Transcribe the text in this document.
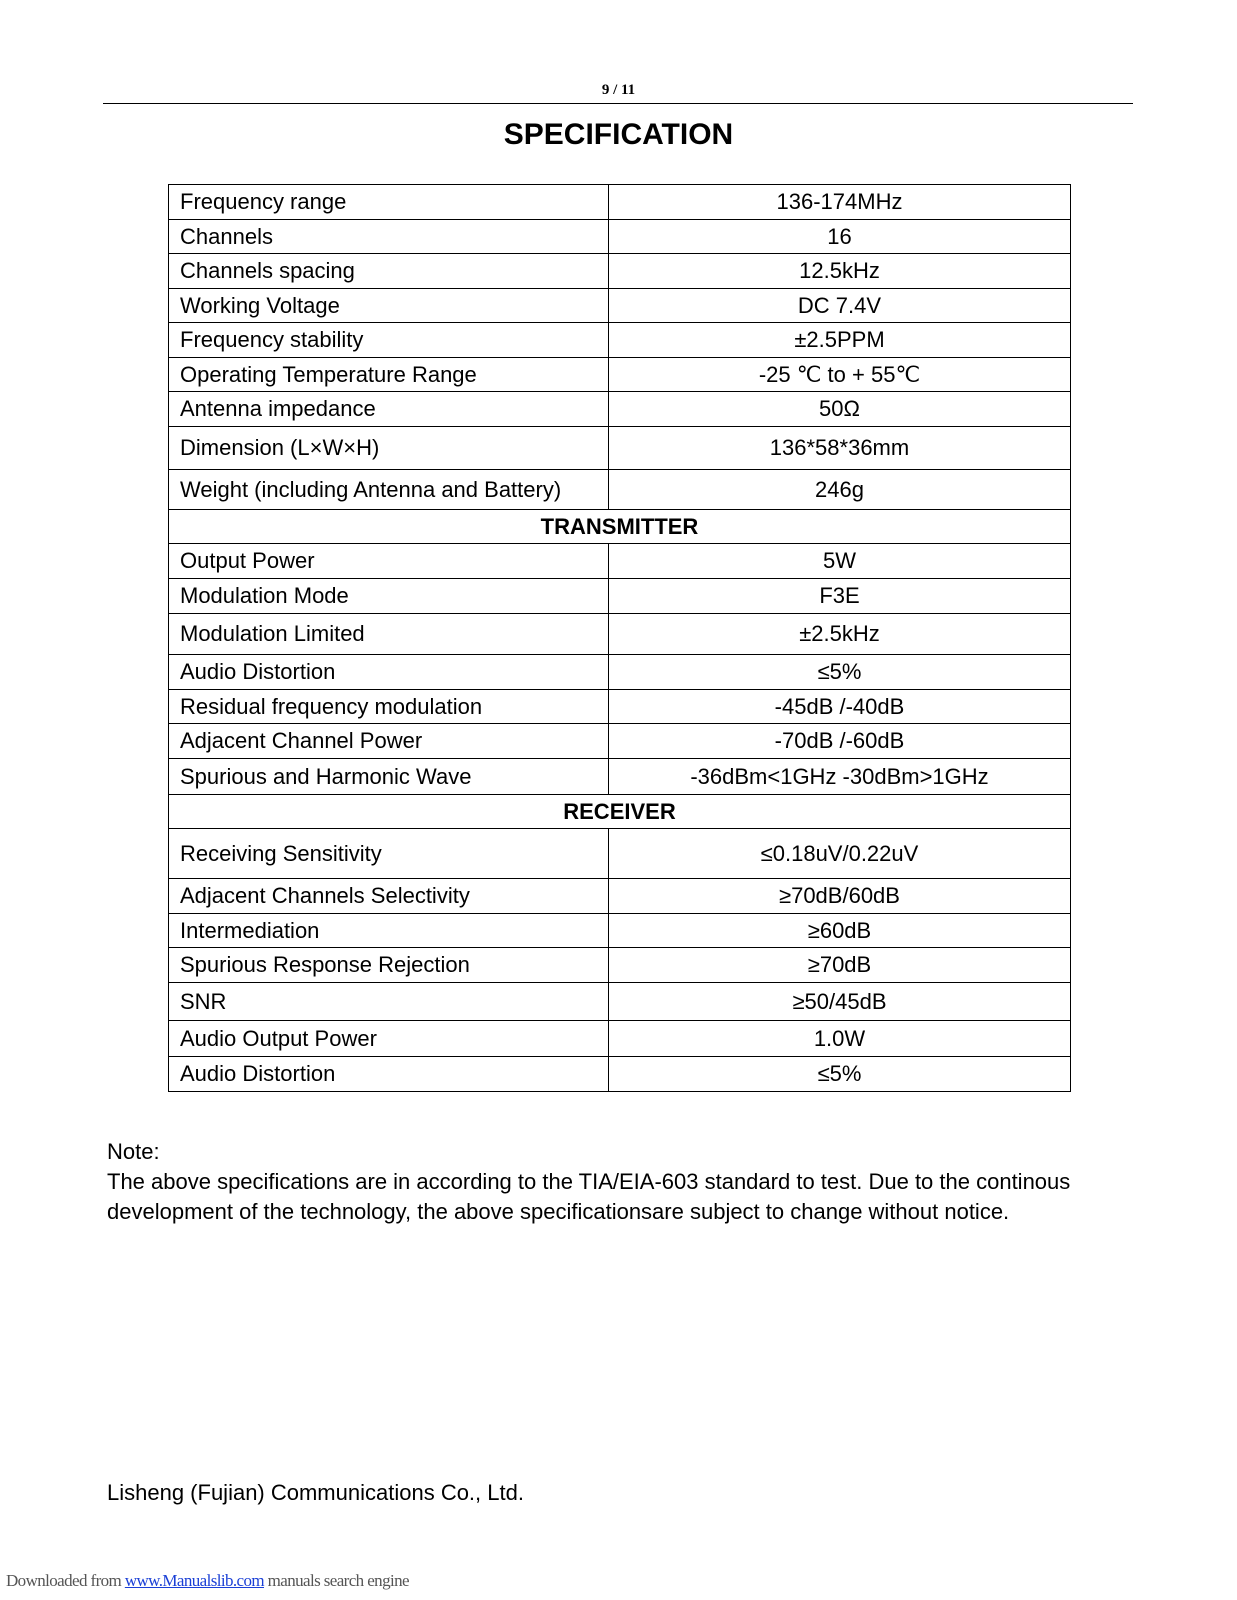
9 / 11
SPECIFICATION
Frequency range	136-174MHz
Channels	16
Channels spacing	12.5kHz
Working Voltage	DC 7.4V
Frequency stability	±2.5PPM
Operating Temperature Range	-25 ℃ to + 55℃
Antenna impedance	50Ω
Dimension (L×W×H)	136*58*36mm
Weight (including Antenna and Battery)	246g
TRANSMITTER	
Output Power	5W
Modulation Mode	F3E
Modulation Limited	±2.5kHz
Audio Distortion	≤5%
Residual frequency modulation	-45dB /-40dB
Adjacent Channel Power	-70dB /-60dB
Spurious and Harmonic Wave	-36dBm<1GHz -30dBm>1GHz
RECEIVER	
Receiving Sensitivity	≤0.18uV/0.22uV
Adjacent Channels Selectivity	≥70dB/60dB
Intermediation	≥60dB
Spurious Response Rejection	≥70dB
SNR	≥50/45dB
Audio Output Power	1.0W
Audio Distortion	≤5%
Note:
The above specifications are in according to the TIA/EIA-603 standard to test. Due to the continous development of the technology, the above specificationsare subject to change without notice.
Lisheng (Fujian) Communications Co., Ltd.
Downloaded from www.Manualslib.com manuals search engine
